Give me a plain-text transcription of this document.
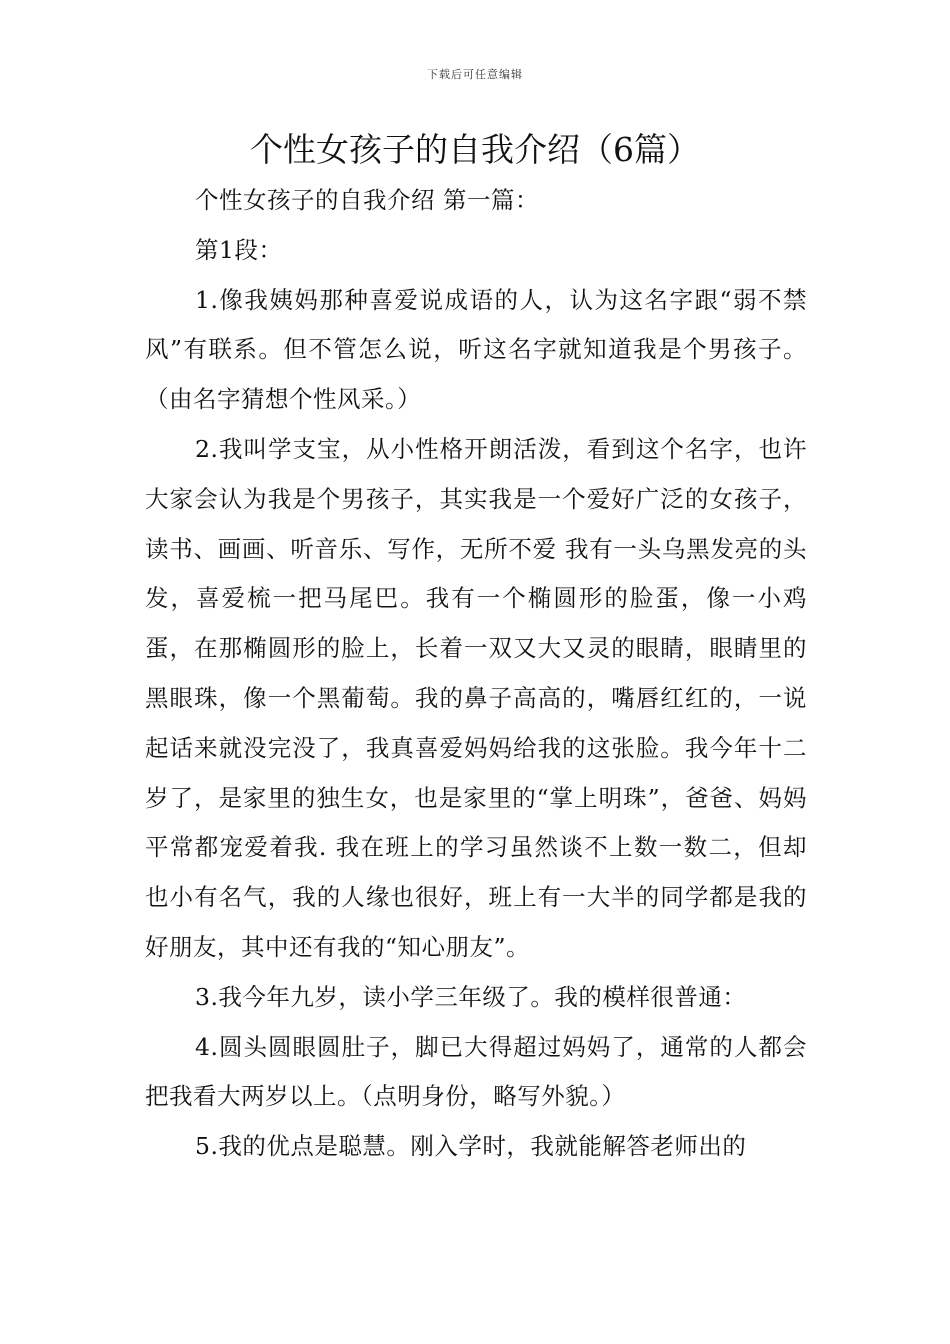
下载后可任意编辑
个性女孩子的自我介绍（6篇）

个性女孩子的自我介绍 第一篇：

第1段：

1.像我姨妈那种喜爱说成语的人，认为这名字跟“弱不禁风”有联系。但不管怎么说，听这名字就知道我是个男孩子。（由名字猜想个性风采。）

2.我叫学支宝，从小性格开朗活泼，看到这个名字，也许大家会认为我是个男孩子，其实我是一个爱好广泛的女孩子，读书、画画、听音乐、写作，无所不爱 我有一头乌黑发亮的头发，喜爱梳一把马尾巴。我有一个椭圆形的脸蛋，像一小鸡蛋，在那椭圆形的脸上，长着一双又大又灵的眼睛，眼睛里的黑眼珠，像一个黑葡萄。我的鼻子高高的，嘴唇红红的，一说起话来就没完没了，我真喜爱妈妈给我的这张脸。我今年十二岁了，是家里的独生女，也是家里的“掌上明珠”，爸爸、妈妈平常都宠爱着我. 我在班上的学习虽然谈不上数一数二，但却也小有名气，我的人缘也很好，班上有一大半的同学都是我的好朋友，其中还有我的“知心朋友”。

3.我今年九岁，读小学三年级了。我的模样很普通：

4.圆头圆眼圆肚子，脚已大得超过妈妈了，通常的人都会把我看大两岁以上。（点明身份，略写外貌。）

5.我的优点是聪慧。刚入学时，我就能解答老师出的
